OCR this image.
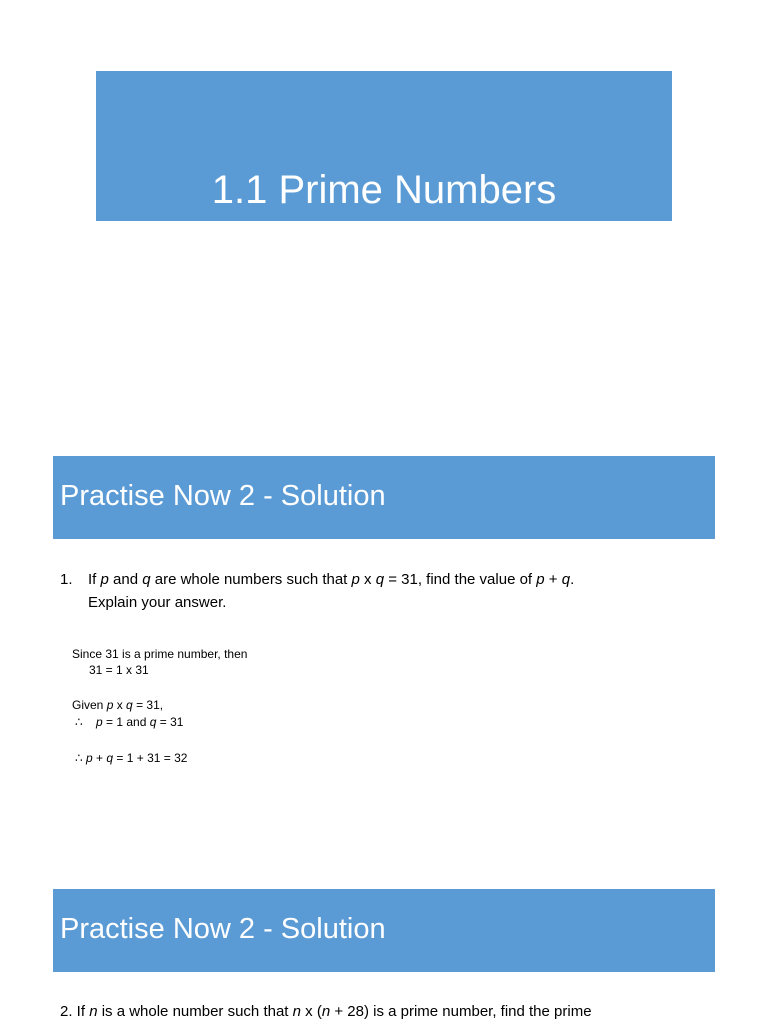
1.1 Prime Numbers
Practise Now 2 - Solution
1. If p and q are whole numbers such that p x q = 31, find the value of p + q.
Explain your answer.
Since 31 is a prime number, then
31 = 1 x 31
Given p x q = 31,
∴ p = 1 and q = 31
∴ p + q = 1 + 31 = 32
Practise Now 2 - Solution
2. If n is a whole number such that n x (n + 28) is a prime number, find the prime
